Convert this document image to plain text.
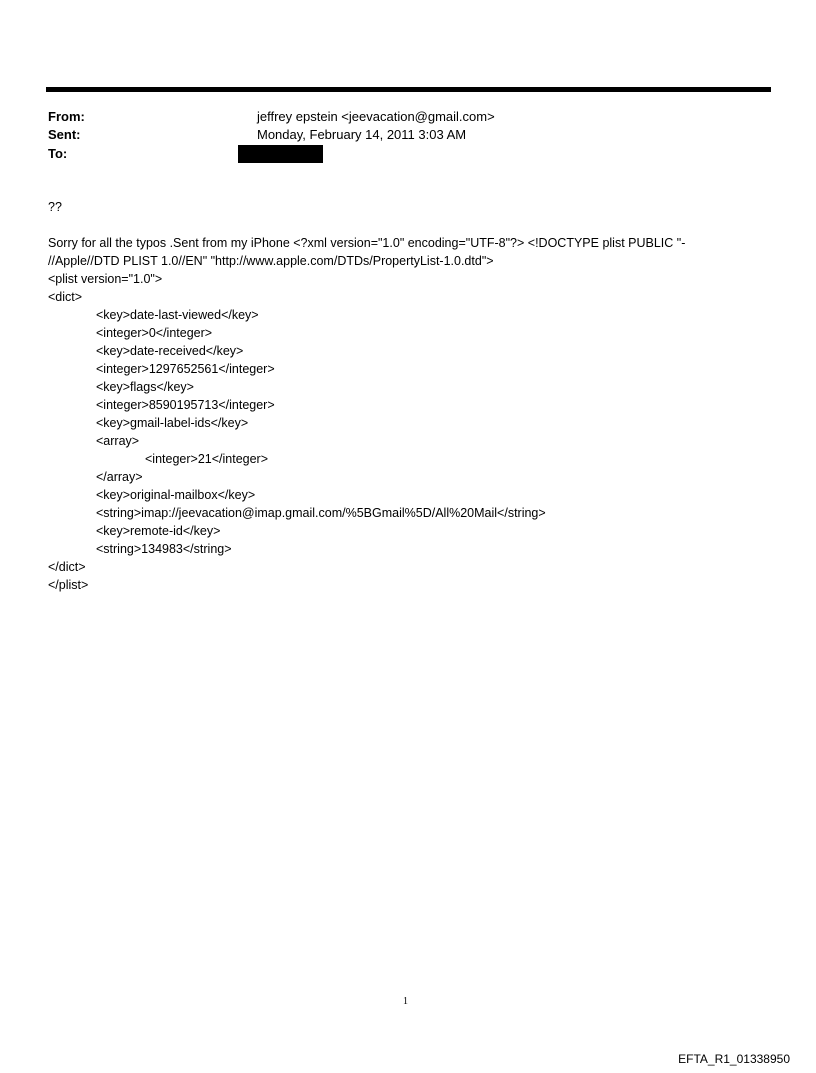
From:	jeffrey epstein <jeevacation@gmail.com>
Sent:	Monday, February 14, 2011 3:03 AM
To:
??
Sorry for all the typos .Sent from my iPhone <?xml version="1.0" encoding="UTF-8"?> <!DOCTYPE plist PUBLIC "-
//Apple//DTD PLIST 1.0//EN" "http://www.apple.com/DTDs/PropertyList-1.0.dtd">
<plist version="1.0">
<dict>
<key>date-last-viewed</key>
<integer>0</integer>
<key>date-received</key>
<integer>1297652561</integer>
<key>flags</key>
<integer>8590195713</integer>
<key>gmail-label-ids</key>
<array>
<integer>21</integer>
</array>
<key>original-mailbox</key>
<string>imap://jeevacation@imap.gmail.com/%5BGmail%5D/All%20Mail</string>
<key>remote-id</key>
<string>134983</string>
</dict>
</plist>
1
EFTA_R1_01338950
